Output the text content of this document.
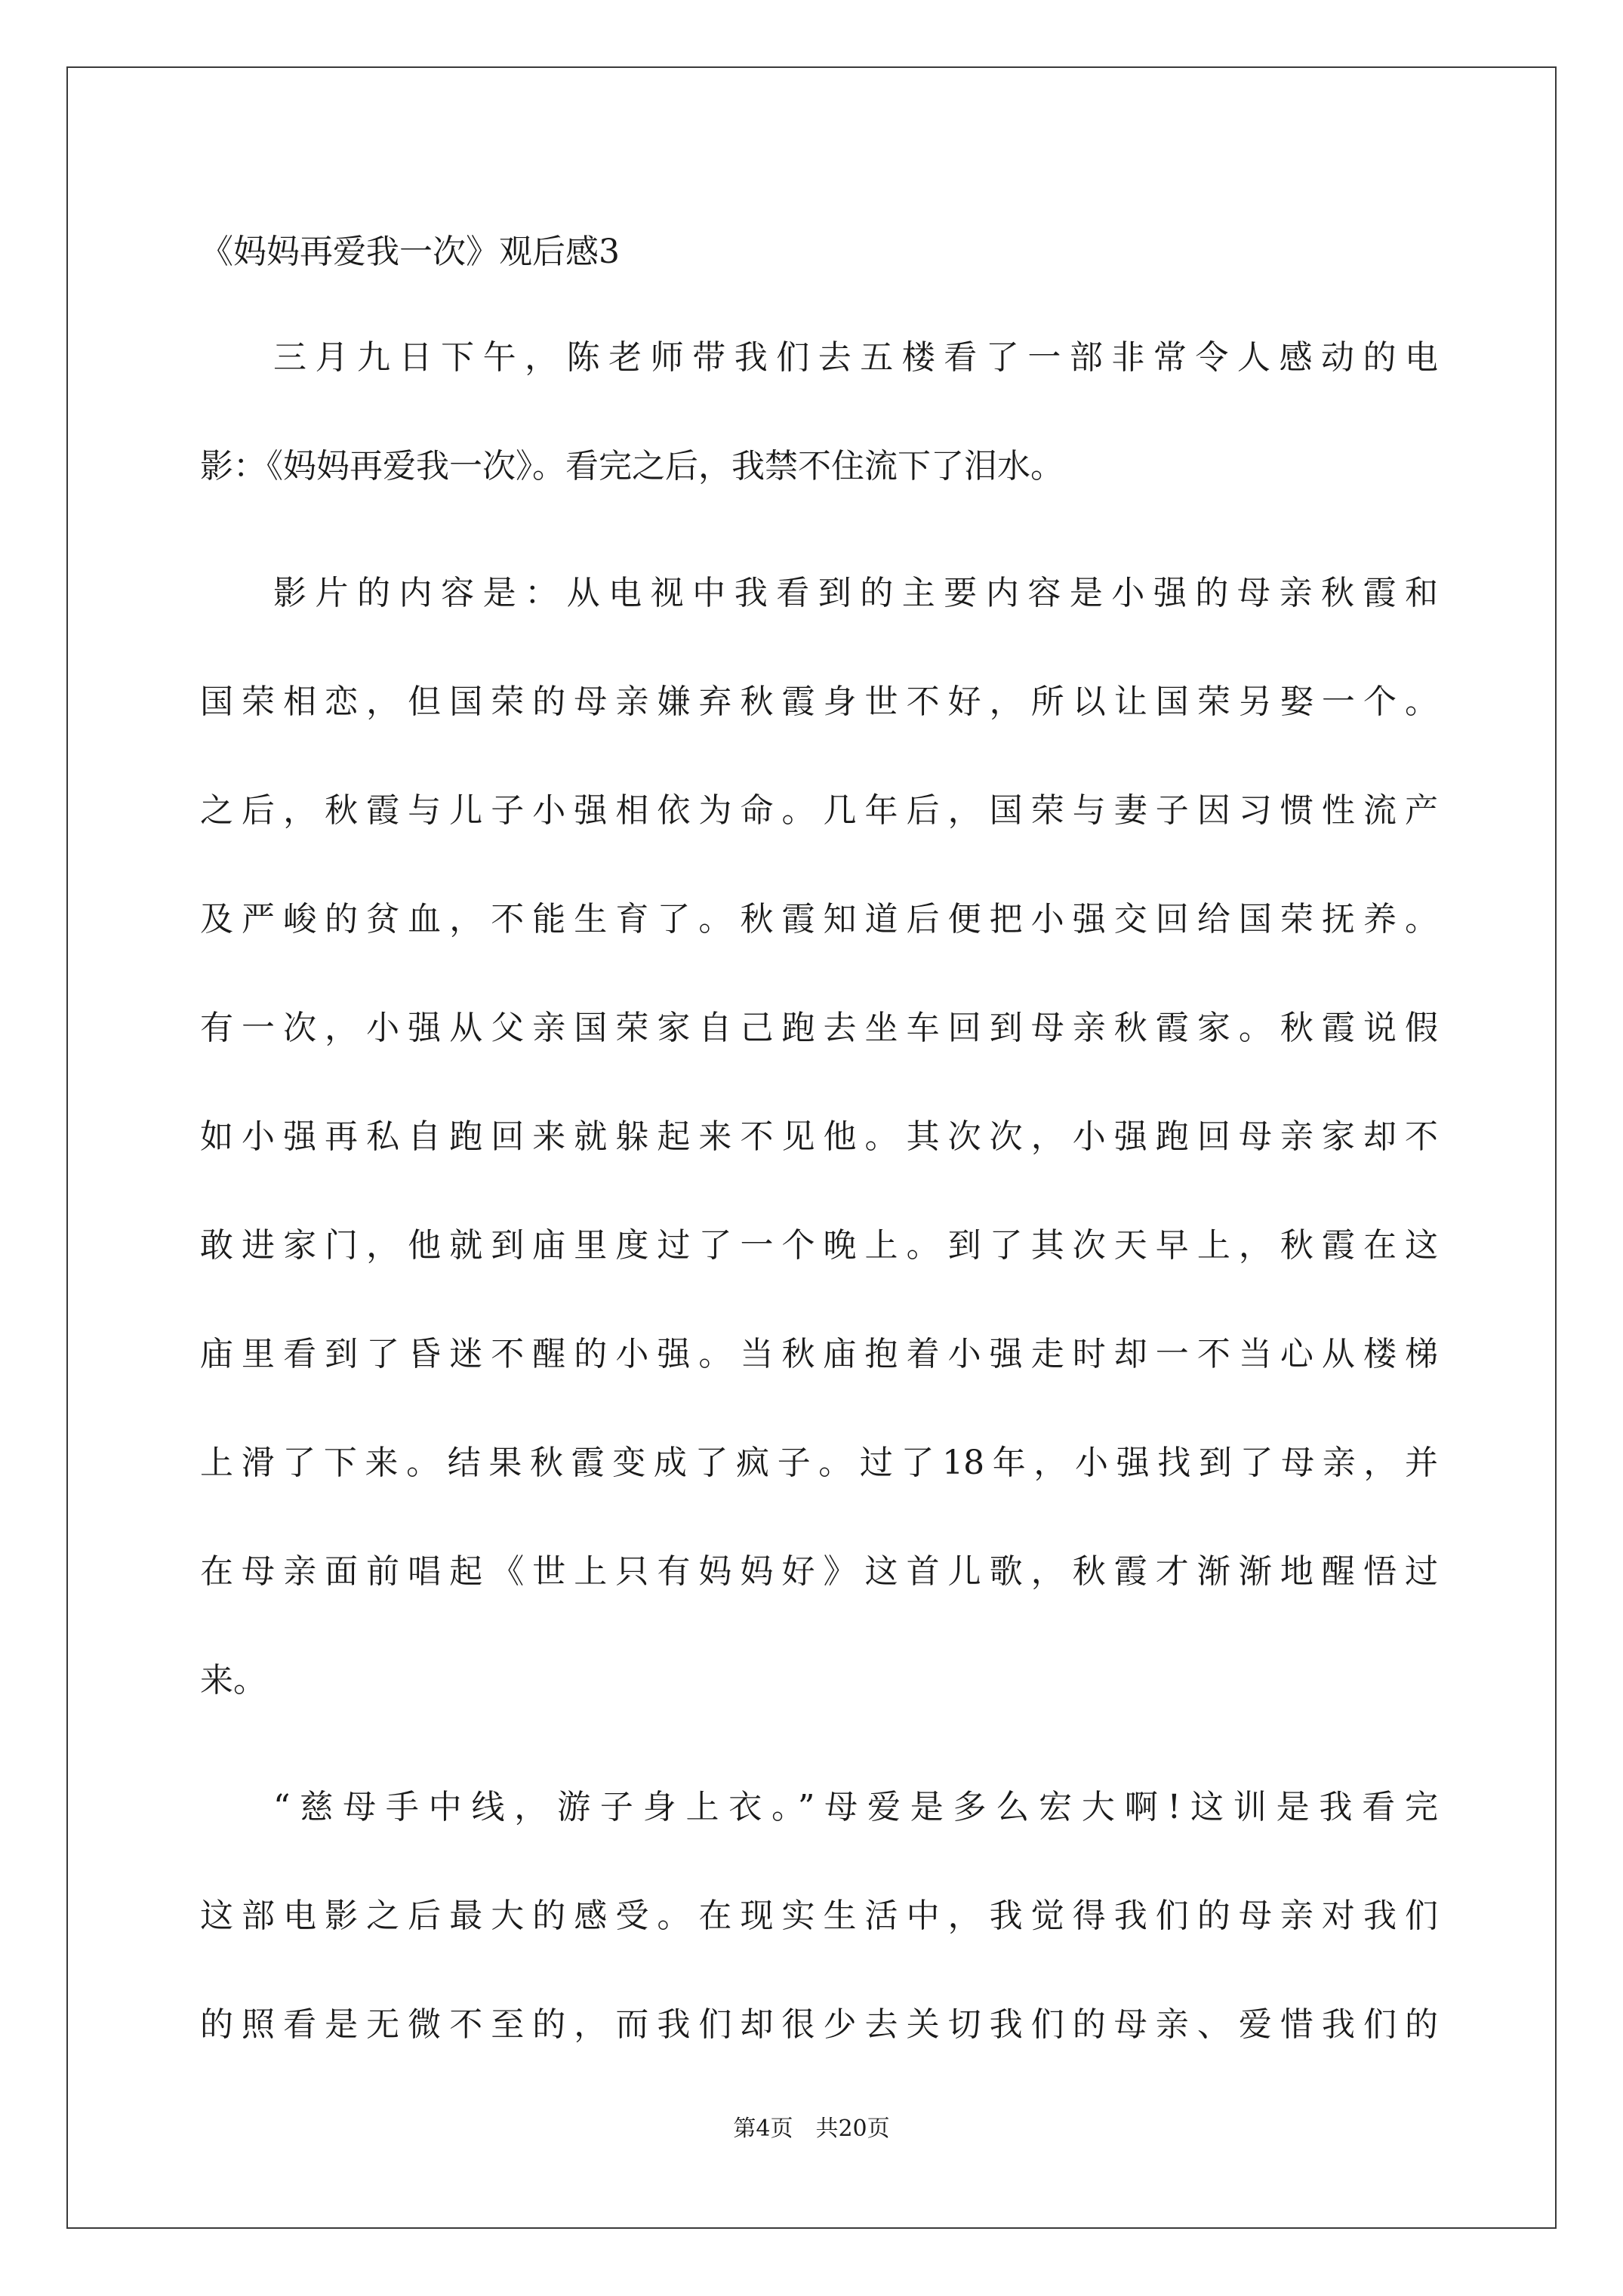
《妈妈再爱我一次》观后感3
三月九日下午，陈老师带我们去五楼看了一部非常令人感动的电
影：《妈妈再爱我一次》。看完之后，我禁不住流下了泪水。
影片的内容是：从电视中我看到的主要内容是小强的母亲秋霞和
国荣相恋，但国荣的母亲嫌弃秋霞身世不好，所以让国荣另娶一个。
之后，秋霞与儿子小强相依为命。几年后，国荣与妻子因习惯性流产
及严峻的贫血，不能生育了。秋霞知道后便把小强交回给国荣抚养。
有一次，小强从父亲国荣家自己跑去坐车回到母亲秋霞家。秋霞说假
如小强再私自跑回来就躲起来不见他。其次次，小强跑回母亲家却不
敢进家门，他就到庙里度过了一个晚上。到了其次天早上，秋霞在这
庙里看到了昏迷不醒的小强。当秋庙抱着小强走时却一不当心从楼梯
上滑了下来。结果秋霞变成了疯子。过了18年，小强找到了母亲，并
在母亲面前唱起《世上只有妈妈好》这首儿歌，秋霞才渐渐地醒悟过
来。
“慈母手中线，游子身上衣。”母爱是多么宏大啊!这训是我看完
这部电影之后最大的感受。在现实生活中，我觉得我们的母亲对我们
的照看是无微不至的，而我们却很少去关切我们的母亲、爱惜我们的
第4页　共20页
